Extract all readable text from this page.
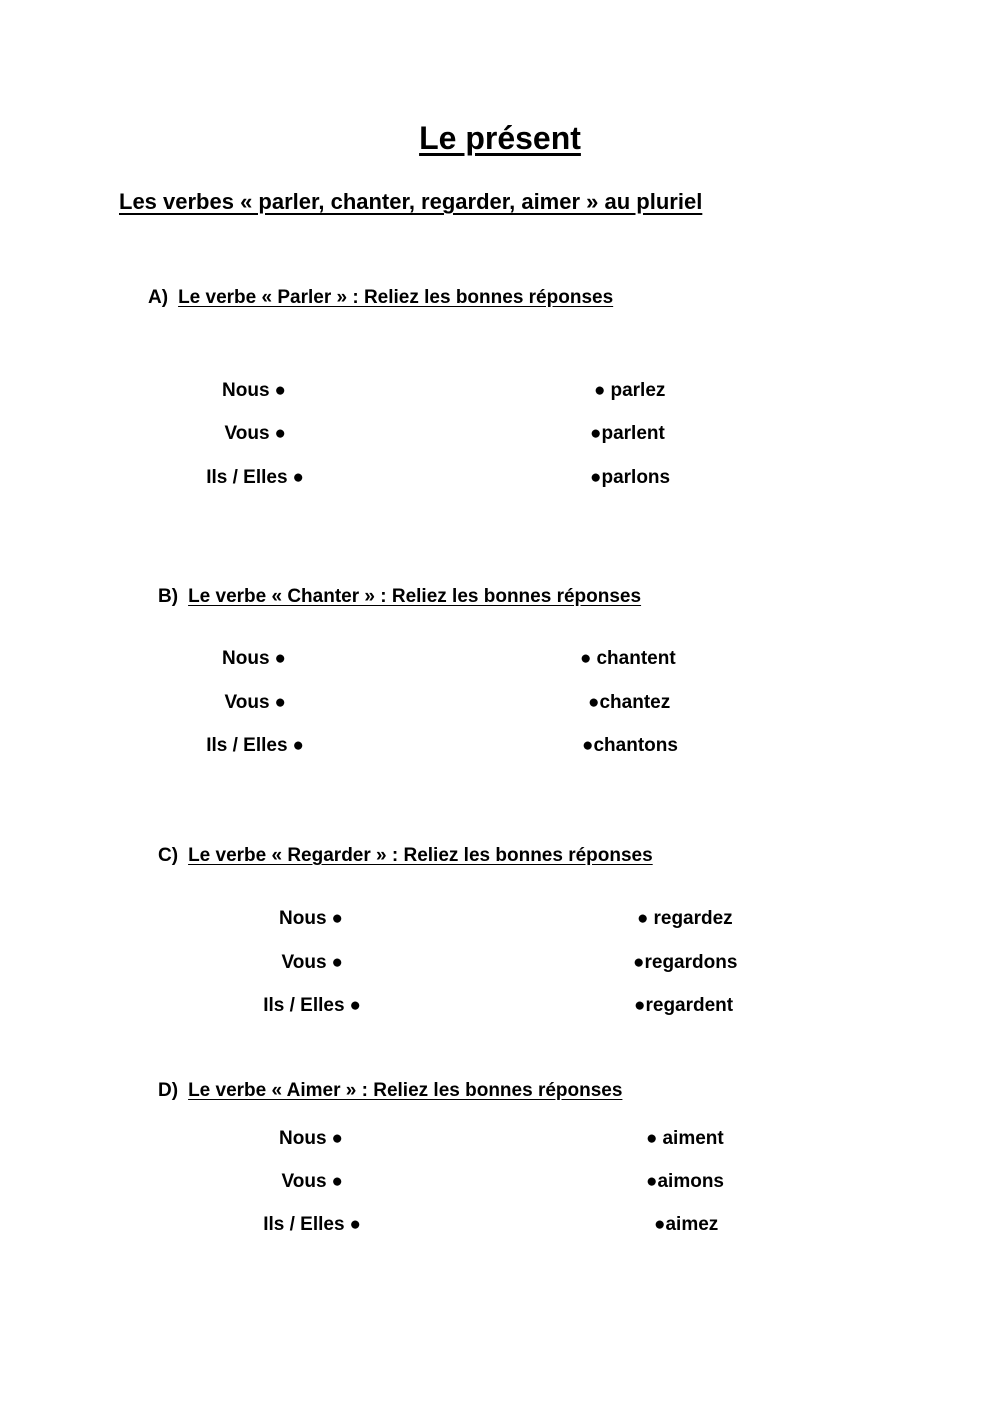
Le présent
Les verbes « parler, chanter, regarder, aimer » au pluriel
A) Le verbe « Parler » : Reliez les bonnes réponses
Nous ●
Vous ●
Ils / Elles ●
● parlez
●parlent
●parlons
B) Le verbe « Chanter » : Reliez les bonnes réponses
Nous ●
Vous ●
Ils / Elles ●
● chantent
●chantez
●chantons
C) Le verbe « Regarder » : Reliez les bonnes réponses
Nous ●
Vous ●
Ils / Elles ●
● regardez
●regardons
●regardent
D) Le verbe « Aimer » : Reliez les bonnes réponses
Nous ●
Vous ●
Ils / Elles ●
● aiment
●aimons
●aimez
